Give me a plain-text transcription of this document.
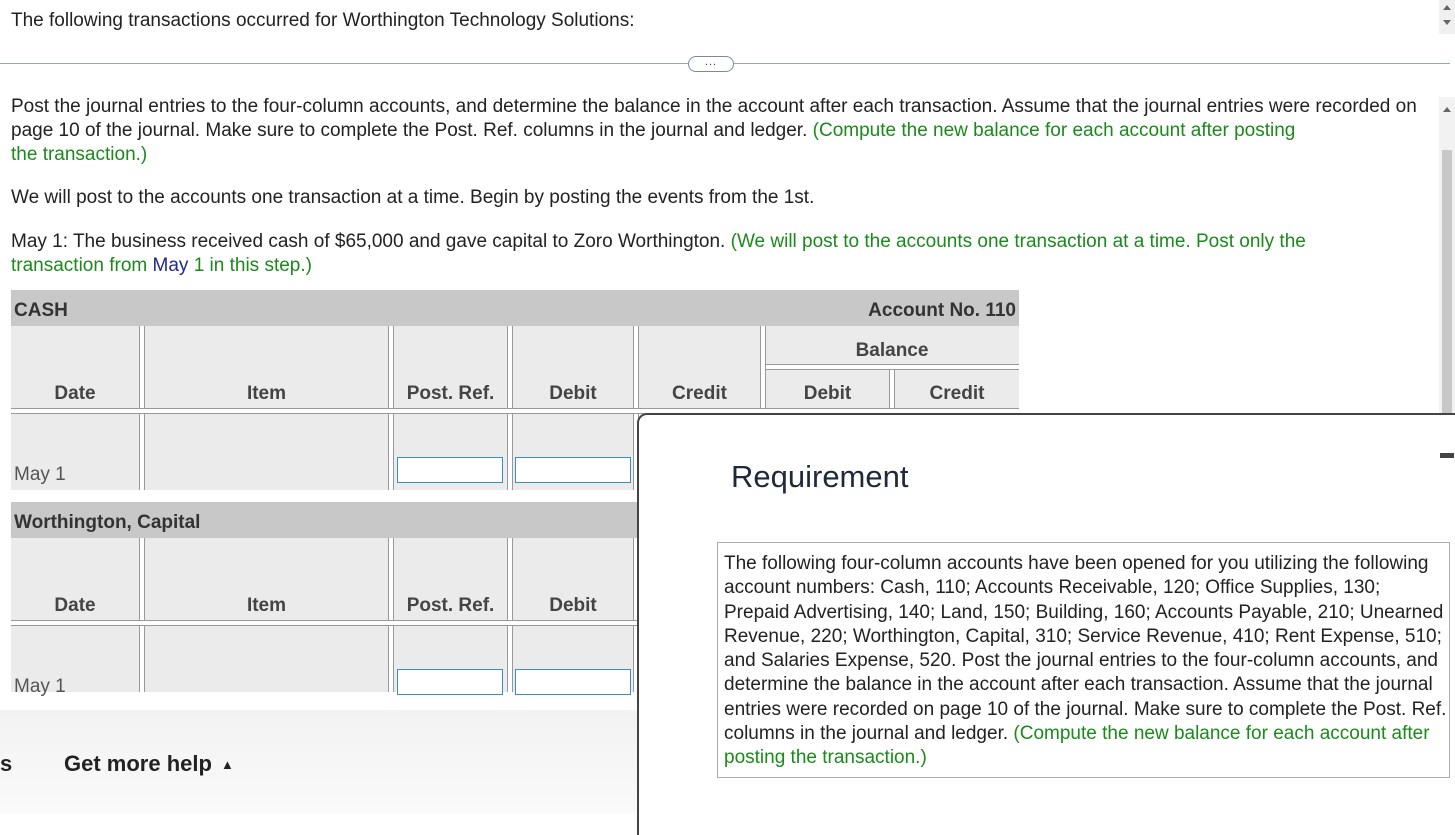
The following transactions occurred for Worthington Technology Solutions:
...
Post the journal entries to the four-column accounts, and determine the balance in the account after each transaction. Assume that the journal entries were recorded on page 10 of the journal. Make sure to complete the Post. Ref. columns in the journal and ledger. (Compute the new balance for each account after posting
the transaction.)
We will post to the accounts one transaction at a time. Begin by posting the events from the 1st.
May 1: The business received cash of $65,000 and gave capital to Zoro Worthington. (We will post to the accounts one transaction at a time. Post only the
transaction from May 1 in this step.)
CASH	Account No. 110
Balance
Date	Item	Post. Ref.	Debit	Credit	Debit	Credit
May 1
Worthington, Capital
Date	Item	Post. Ref.	Debit
May 1
s Get more help ▲
Requirement
The following four-column accounts have been opened for you utilizing the following account numbers: Cash, 110; Accounts Receivable, 120; Office Supplies, 130; Prepaid Advertising, 140; Land, 150; Building, 160; Accounts Payable, 210; Unearned Revenue, 220; Worthington, Capital, 310; Service Revenue, 410; Rent Expense, 510; and Salaries Expense, 520. Post the journal entries to the four-column accounts, and determine the balance in the account after each transaction. Assume that the journal entries were recorded on page 10 of the journal. Make sure to complete the Post. Ref. columns in the journal and ledger. (Compute the new balance for each account after posting the transaction.)
